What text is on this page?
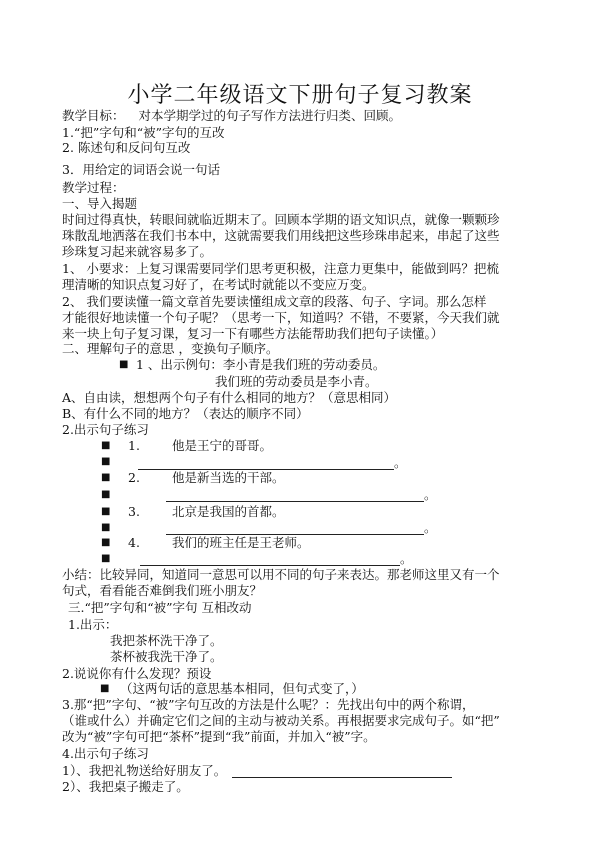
小学二年级语文下册句子复习教案
教学目标： 对本学期学过的句子写作方法进行归类、回顾。
1.“把”字句和“被”字句的互改
2. 陈述句和反问句互改
3．用给定的词语会说一句话
教学过程：
一、导入揭题
时间过得真快，转眼间就临近期末了。回顾本学期的语文知识点，就像一颗颗珍
珠散乱地洒落在我们书本中，这就需要我们用线把这些珍珠串起来，串起了这些
珍珠复习起来就容易多了。
1、 小要求：上复习课需要同学们思考更积极，注意力更集中，能做到吗？把梳
理清晰的知识点复习好了，在考试时就能以不变应万变。
2、 我们要读懂一篇文章首先要读懂组成文章的段落、句子、字词。那么怎样
才能很好地读懂一个句子呢？（思考一下，知道吗？不错，不要紧，今天我们就
来一块上句子复习课，复习一下有哪些方法能帮助我们把句子读懂。）
二、理解句子的意思 ，变换句子顺序。
■ 1 、出示例句：李小青是我们班的劳动委员。
我们班的劳动委员是李小青。
A、自由读，想想两个句子有什么相同的地方？（意思相同）
B、有什么不同的地方？（表达的顺序不同）
2.出示句子练习
■ 1.	他是王宁的哥哥。
■	。
■ 2.	他是新当选的干部。
■	。
■ 3.	北京是我国的首都。
■	。
■ 4.	我们的班主任是王老师。
■	。
小结：比较异同，知道同一意思可以用不同的句子来表达。那老师这里又有一个
句式，看看能否难倒我们班小朋友？
三.“把”字句和“被”字句 互相改动
1.出示：
我把茶杯洗干净了。
茶杯被我洗干净了。
2.说说你有什么发现？预设
■ （这两句话的意思基本相同，但句式变了，）
3.那“把”字句、“被”字句互改的方法是什么呢？：先找出句中的两个称谓，
（谁或什么）并确定它们之间的主动与被动关系。再根据要求完成句子。如“把”
改为“被”字句可把“茶杯”提到“我”前面，并加入“被”字。
4.出示句子练习
1）、我把礼物送给好朋友了。
2）、我把桌子搬走了。
